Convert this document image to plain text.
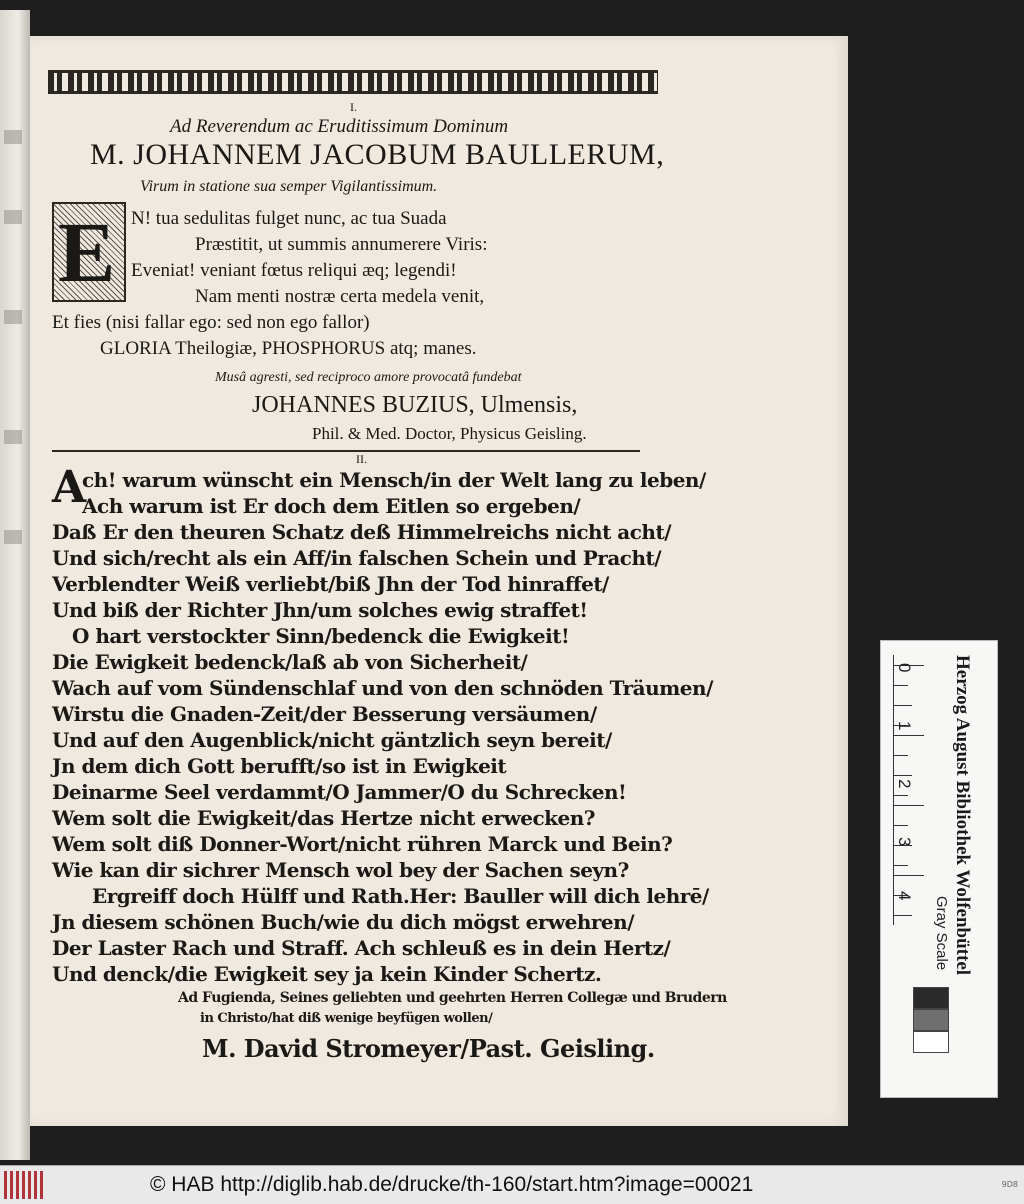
I.
Ad Reverendum ac Eruditissimum Dominum
M. JOHANNEM JACOBUM BAULLERUM,
Virum in statione sua semper Vigilantissimum.
E N! tua sedulitas fulget nunc, ac tua Suada
Præstitit, ut summis annumerere Viris:
Eveniat! veniant fœtus reliqui æq; legendi!
Nam menti nostræ certa medela venit,
Et fies (nisi fallar ego: sed non ego fallor)
GLORIA Theilogiæ, PHOSPHORUS atq; manes.
Musâ agresti, sed reciproco amore provocatâ fundebat
JOHANNES BUZIUS, Ulmensis,
Phil. & Med. Doctor, Physicus Geisling.
II.
A
ch! warum wünscht ein Mensch/in der Welt lang zu leben/
Ach warum ist Er doch dem Eitlen so ergeben/
Daß Er den theuren Schatz deß Himmelreichs nicht acht/
Und sich/recht als ein Aff/in falschen Schein und Pracht/
Verblendter Weiß verliebt/biß Jhn der Tod hinraffet/
Und biß der Richter Jhn/um solches ewig straffet!
O hart verstockter Sinn/bedenck die Ewigkeit!
Die Ewigkeit bedenck/laß ab von Sicherheit/
Wach auf vom Sündenschlaf und von den schnöden Träumen/
Wirstu die Gnaden-Zeit/der Besserung versäumen/
Und auf den Augenblick/nicht gäntzlich seyn bereit/
Jn dem dich Gott berufft/so ist in Ewigkeit
Deinarme Seel verdammt/O Jammer/O du Schrecken!
Wem solt die Ewigkeit/das Hertze nicht erwecken?
Wem solt diß Donner-Wort/nicht rühren Marck und Bein?
Wie kan dir sichrer Mensch wol bey der Sachen seyn?
Ergreiff doch Hülff und Rath.Her: Bauller will dich lehrē/
Jn diesem schönen Buch/wie du dich mögst erwehren/
Der Laster Rach und Straff. Ach schleuß es in dein Hertz/
Und denck/die Ewigkeit sey ja kein Kinder Schertz.
Ad Fugienda, Seines geliebten und geehrten Herren Collegæ und Brudern
in Christo/hat diß wenige beyfügen wollen/
M. David Stromeyer/Past. Geisling.
0
1
2
3
4 Herzog August Bibliothek Wolfenbüttel
Gray Scale
© HAB http://diglib.hab.de/drucke/th-160/start.htm?image=00021	9D8
